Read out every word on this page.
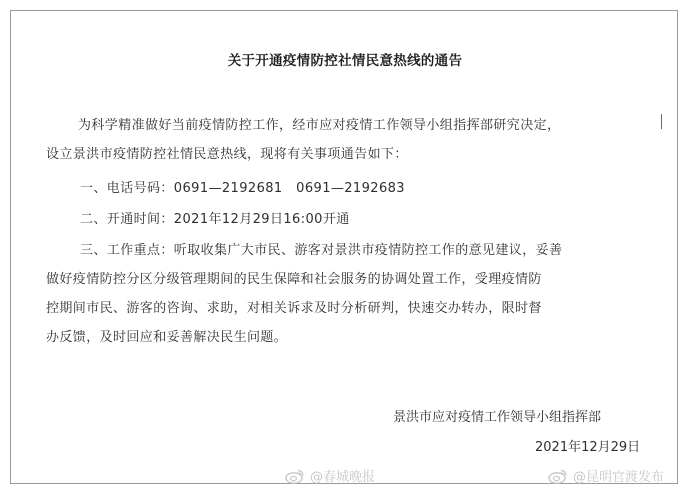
关于开通疫情防控社情民意热线的通告
为科学精准做好当前疫情防控工作，经市应对疫情工作领导小组指挥部研究决定，
设立景洪市疫情防控社情民意热线，现将有关事项通告如下：
一、电话号码：0691—2192681   0691—2192683
二、开通时间：2021年12月29日16:00开通
三、工作重点：听取收集广大市民、游客对景洪市疫情防控工作的意见建议，妥善
做好疫情防控分区分级管理期间的民生保障和社会服务的协调处置工作，受理疫情防
控期间市民、游客的咨询、求助，对相关诉求及时分析研判，快速交办转办，限时督
办反馈，及时回应和妥善解决民生问题。
景洪市应对疫情工作领导小组指挥部
2021年12月29日
@春城晚报	@昆明官渡发布
